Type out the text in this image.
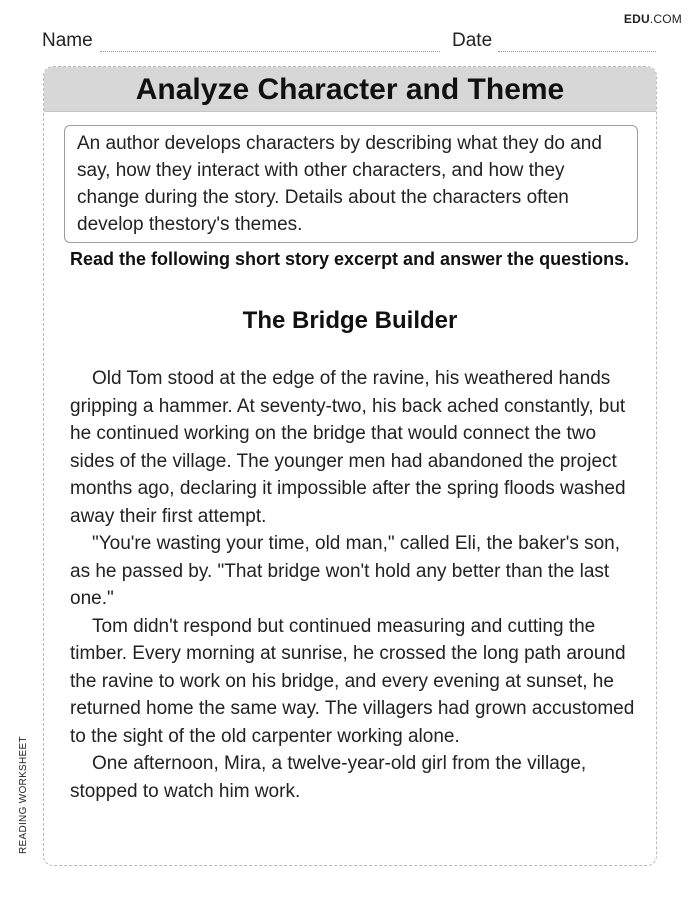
EDU.COM
Name	Date
Analyze Character and Theme
An author develops characters by describing what they do and say, how they interact with other characters, and how they change during the story. Details about the characters often develop thestory's themes.
Read the following short story excerpt and answer the questions.
The Bridge Builder

Old Tom stood at the edge of the ravine, his weathered hands gripping a hammer. At seventy-two, his back ached constantly, but he continued working on the bridge that would connect the two sides of the village. The younger men had abandoned the project months ago, declaring it impossible after the spring floods washed away their first attempt.

"You're wasting your time, old man," called Eli, the baker's son, as he passed by. "That bridge won't hold any better than the last one."

Tom didn't respond but continued measuring and cutting the timber. Every morning at sunrise, he crossed the long path around the ravine to work on his bridge, and every evening at sunset, he returned home the same way. The villagers had grown accustomed to the sight of the old carpenter working alone.

One afternoon, Mira, a twelve-year-old girl from the village, stopped to watch him work.

READING WORKSHEET
